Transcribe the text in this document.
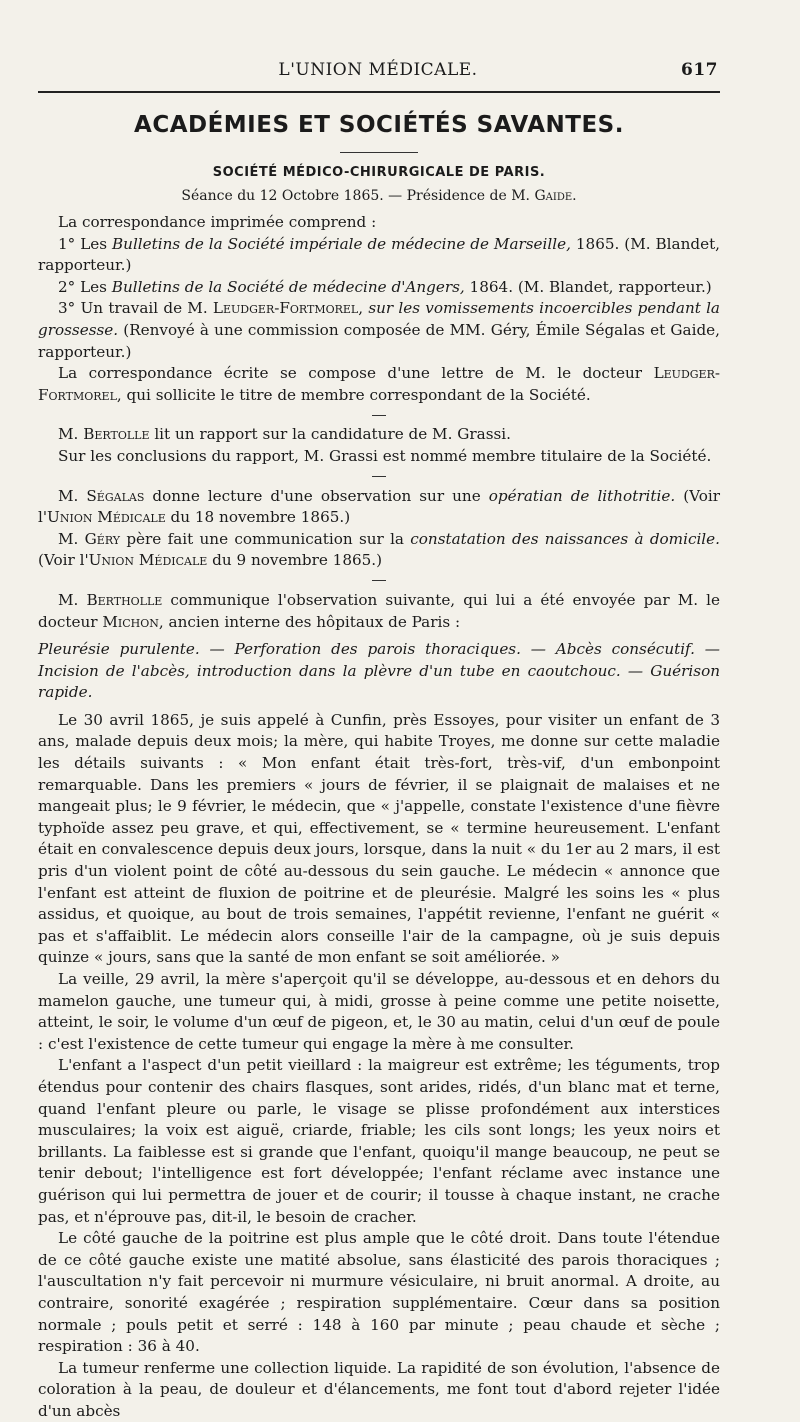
L'UNION MÉDICALE.	617
ACADÉMIES ET SOCIÉTÉS SAVANTES.
SOCIÉTÉ MÉDICO-CHIRURGICALE DE PARIS.
Séance du 12 Octobre 1865. — Présidence de M. Gaide.

La correspondance imprimée comprend :

1° Les Bulletins de la Société impériale de médecine de Marseille, 1865. (M. Blandet, rapporteur.)

2° Les Bulletins de la Société de médecine d'Angers, 1864. (M. Blandet, rapporteur.)

3° Un travail de M. Leudger-Fortmorel, sur les vomissements incoercibles pendant la grossesse. (Renvoyé à une commission composée de MM. Géry, Émile Ségalas et Gaide, rapporteur.)

La correspondance écrite se compose d'une lettre de M. le docteur Leudger-Fortmorel, qui sollicite le titre de membre correspondant de la Société.

M. Bertolle lit un rapport sur la candidature de M. Grassi.

Sur les conclusions du rapport, M. Grassi est nommé membre titulaire de la Société.

M. Ségalas donne lecture d'une observation sur une opératian de lithotritie. (Voir l'Union Médicale du 18 novembre 1865.)

M. Géry père fait une communication sur la constatation des naissances à domicile. (Voir l'Union Médicale du 9 novembre 1865.)

M. Bertholle communique l'observation suivante, qui lui a été envoyée par M. le docteur Michon, ancien interne des hôpitaux de Paris :

Pleurésie purulente. — Perforation des parois thoraciques. — Abcès consécutif. — Incision de l'abcès, introduction dans la plèvre d'un tube en caoutchouc. — Guérison rapide.

Le 30 avril 1865, je suis appelé à Cunfin, près Essoyes, pour visiter un enfant de 3 ans, malade depuis deux mois; la mère, qui habite Troyes, me donne sur cette maladie les détails suivants : « Mon enfant était très-fort, très-vif, d'un embonpoint remarquable. Dans les premiers « jours de février, il se plaignait de malaises et ne mangeait plus; le 9 février, le médecin, que « j'appelle, constate l'existence d'une fièvre typhoïde assez peu grave, et qui, effectivement, se « termine heureusement. L'enfant était en convalescence depuis deux jours, lorsque, dans la nuit « du 1er au 2 mars, il est pris d'un violent point de côté au-dessous du sein gauche. Le médecin « annonce que l'enfant est atteint de fluxion de poitrine et de pleurésie. Malgré les soins les « plus assidus, et quoique, au bout de trois semaines, l'appétit revienne, l'enfant ne guérit « pas et s'affaiblit. Le médecin alors conseille l'air de la campagne, où je suis depuis quinze « jours, sans que la santé de mon enfant se soit améliorée. »

La veille, 29 avril, la mère s'aperçoit qu'il se développe, au-dessous et en dehors du mamelon gauche, une tumeur qui, à midi, grosse à peine comme une petite noisette, atteint, le soir, le volume d'un œuf de pigeon, et, le 30 au matin, celui d'un œuf de poule : c'est l'existence de cette tumeur qui engage la mère à me consulter.

L'enfant a l'aspect d'un petit vieillard : la maigreur est extrême; les téguments, trop étendus pour contenir des chairs flasques, sont arides, ridés, d'un blanc mat et terne, quand l'enfant pleure ou parle, le visage se plisse profondément aux interstices musculaires; la voix est aiguë, criarde, friable; les cils sont longs; les yeux noirs et brillants. La faiblesse est si grande que l'enfant, quoiqu'il mange beaucoup, ne peut se tenir debout; l'intelligence est fort développée; l'enfant réclame avec instance une guérison qui lui permettra de jouer et de courir; il tousse à chaque instant, ne crache pas, et n'éprouve pas, dit-il, le besoin de cracher.

Le côté gauche de la poitrine est plus ample que le côté droit. Dans toute l'étendue de ce côté gauche existe une matité absolue, sans élasticité des parois thoraciques ; l'auscultation n'y fait percevoir ni murmure vésiculaire, ni bruit anormal. A droite, au contraire, sonorité exagérée ; respiration supplémentaire. Cœur dans sa position normale ; pouls petit et serré : 148 à 160 par minute ; peau chaude et sèche ; respiration : 36 à 40.

La tumeur renferme une collection liquide. La rapidité de son évolution, l'absence de coloration à la peau, de douleur et d'élancements, me font tout d'abord rejeter l'idée d'un abcès
